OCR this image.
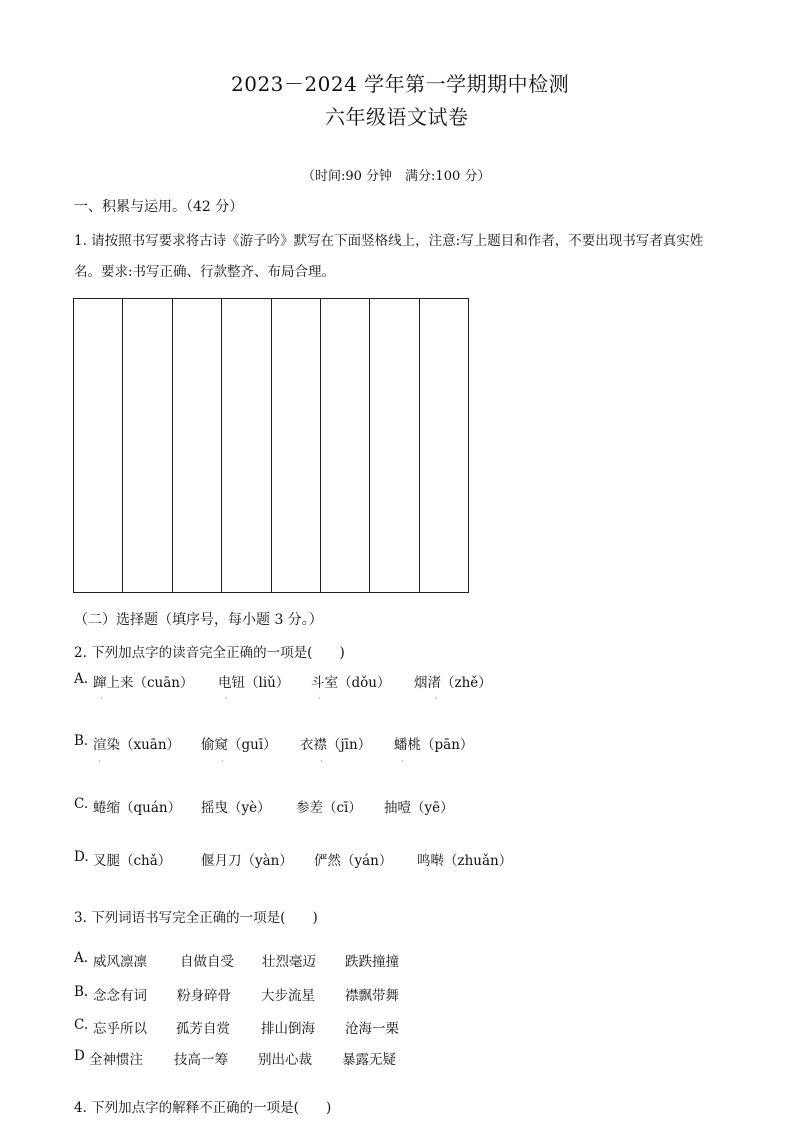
2023－2024 学年第一学期期中检测
六年级语文试卷
（时间:90 分钟　满分:100 分）
一、积累与运用。（42 分）
1. 请按照书写要求将古诗《游子吟》默写在下面竖格线上，注意:写上题目和作者，不要出现书写者真实姓
名。要求:书写正确、行款整齐、布局合理。
（二）选择题（填序号，每小题 3 分。）
2. 下列加点字的读音完全正确的一项是(　　)
A. 蹿上来（cuān） 电钮（liǔ） 斗室（dǒu） 烟渚（zhě）
·	·	·	·
B. 渲染（xuān） 偷窥（guī） 衣襟（jīn） 蟠桃（pān）
·	·	·	·
C. 蜷缩（quán） 摇曳（yè） 参差（cī） 抽噎（yē）
D. 叉腿（chǎ） 偃月刀（yàn） 俨然（yán） 鸣啭（zhuǎn）
3. 下列词语书写完全正确的一项是(　　)
A. 威风凛凛 自做自受 壮烈毫迈 跌跌撞撞
B. 念念有词 粉身碎骨 大步流星 襟飘带舞
C. 忘乎所以 孤芳自赏 排山倒海 沧海一栗
D 全神惯注 技高一筹 别出心裁 暴露无疑
4. 下列加点字的解释不正确的一项是(　　)
